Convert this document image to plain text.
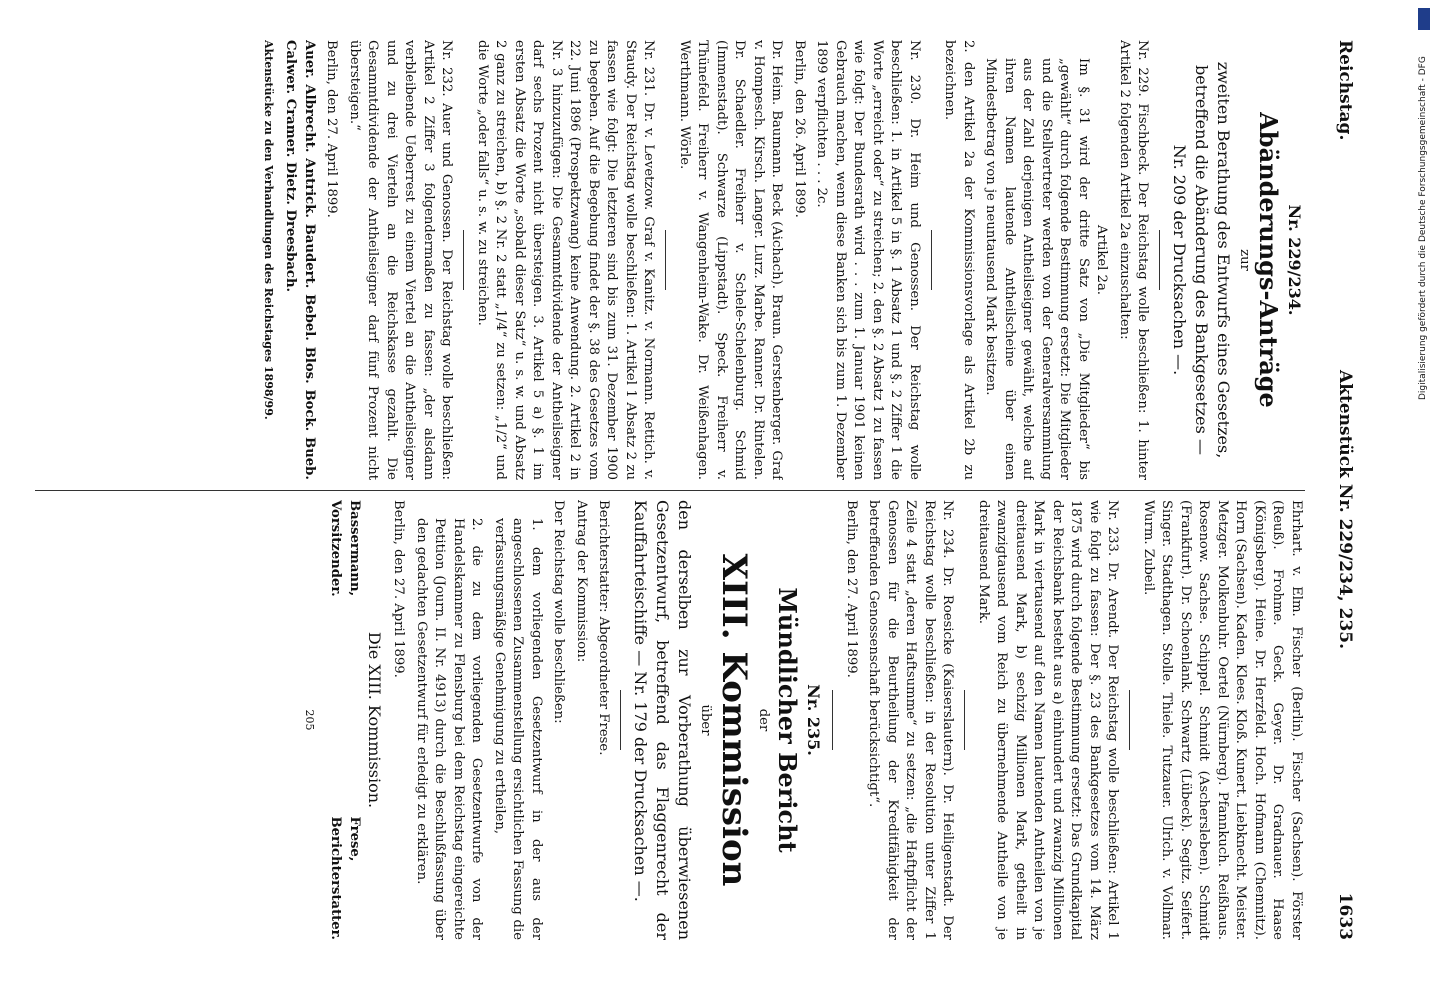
Reichstag.
Aktenstück Nr. 229/234, 235.
1633
Nr. 229/234.
Abänderungs-Anträge
zur
zweiten Berathung des Entwurfs eines Gesetzes,
betreffend die Abänderung des Bankgesetzes —
Nr. 209 der Drucksachen —.

Nr. 229. Fischbeck. Der Reichstag wolle beschließen: 1. hinter Artikel 2 folgenden Artikel 2a einzuschalten:

Artikel 2a.

Im §. 31 wird der dritte Satz von „Die Mitglieder“ bis „gewählt“ durch folgende Bestimmung ersetzt: Die Mitglieder und die Stellvertreter werden von der Generalversammlung aus der Zahl derjenigen Antheilseigner gewählt, welche auf ihren Namen lautende Antheilscheine über einen Mindestbetrag von je neuntausend Mark besitzen.

2. den Artikel 2a der Kommissionsvorlage als Artikel 2b zu bezeichnen.

Nr. 230. Dr. Heim und Genossen. Der Reichstag wolle beschließen: 1. in Artikel 5 in §. 1 Absatz 1 und §. 2 Ziffer 1 die Worte „erreicht oder“ zu streichen; 2. den §. 2 Absatz 1 zu fassen wie folgt: Der Bundesrath wird . . . zum 1. Januar 1901 keinen Gebrauch machen, wenn diese Banken sich bis zum 1. Dezember 1899 verpflichten . . . 2c.

Berlin, den 26. April 1899.

Dr. Heim. Baumann. Beck (Aichach). Braun. Gerstenberger. Graf v. Hompesch. Kirsch. Langer. Lurz. Marbe. Ranner. Dr. Rintelen. Dr. Schaedler. Freiherr v. Schele-Schelenburg. Schmid (Immenstadt). Schwarze (Lippstadt). Speck. Freiherr v. Thünefeld. Freiherr v. Wangenheim-Wake. Dr. Weißenhagen. Werthmann. Wörle.

Nr. 231. Dr. v. Levetzow. Graf v. Kanitz. v. Normann. Rettich. v. Staudy. Der Reichstag wolle beschließen: 1. Artikel 1 Absatz 2 zu fassen wie folgt: Die letzteren sind bis zum 31. Dezember 1900 zu begeben. Auf die Begebung findet der §. 38 des Gesetzes vom 22. Juni 1896 (Prospektzwang) keine Anwendung. 2. Artikel 2 in Nr. 3 hinzuzufügen: Die Gesammtdividende der Antheilseigner darf sechs Prozent nicht übersteigen. 3. Artikel 5 a) §. 1 im ersten Absatz die Worte „sobald dieser Satz“ u. s. w. und Absatz 2 ganz zu streichen, b) §. 2 Nr. 2 statt „1/4“ zu setzen: „1/2“ und die Worte „oder falls“ u. s. w. zu streichen.

Nr. 232. Auer und Genossen. Der Reichstag wolle beschließen: Artikel 2 Ziffer 3 folgendermaßen zu fassen: „der alsdann verbleibende Ueberrest zu einem Viertel an die Antheilseigner und zu drei Vierteln an die Reichskasse gezahlt. Die Gesammtdividende der Antheilseigner darf fünf Prozent nicht übersteigen.“

Berlin, den 27. April 1899.

Auer. Albrecht. Antrick. Baudert. Bebel. Blos. Bock. Bueb. Calwer. Cramer. Dietz. Dreesbach.

Aktenstücke zu den Verhandlungen des Reichstages 1898/99.

Ehrhart. v. Elm. Fischer (Berlin). Fischer (Sachsen). Förster (Reuß). Frohme. Geck. Geyer. Dr. Gradnauer. Haase (Königsberg). Heine. Dr. Herzfeld. Hoch. Hofmann (Chemnitz). Horn (Sachsen). Kaden. Klees. Kloß. Kunert. Liebknecht. Meister. Metzger. Molkenbuhr. Oertel (Nürnberg). Pfannkuch. Reißhaus. Rosenow. Sachse. Schippel. Schmidt (Aschersleben). Schmidt (Frankfurt). Dr. Schoenlank. Schwartz (Lübeck). Segitz. Seifert. Singer. Stadthagen. Stolle. Thiele. Tutzauer. Ulrich. v. Vollmar. Wurm. Zubeil.

Nr. 233. Dr. Arendt. Der Reichstag wolle beschließen: Artikel 1 wie folgt zu fassen: Der §. 23 des Bankgesetzes vom 14. März 1875 wird durch folgende Bestimmung ersetzt: Das Grundkapital der Reichsbank besteht aus a) einhundert und zwanzig Millionen Mark in viertausend auf den Namen lautenden Antheilen von je dreitausend Mark, b) sechzig Millionen Mark, getheilt in zwanzigtausend vom Reich zu übernehmende Antheile von je dreitausend Mark.

Nr. 234. Dr. Roesicke (Kaiserslautern). Dr. Heiligenstadt. Der Reichstag wolle beschließen: in der Resolution unter Ziffer 1 Zeile 4 statt „deren Haftsumme“ zu setzen: „die Haftpflicht der Genossen für die Beurtheilung der Kreditfähigkeit der betreffenden Genossenschaft berücksichtigt“.

Berlin, den 27. April 1899.

Nr. 235.
Mündlicher Bericht
der
XIII. Kommission
über

den derselben zur Vorberathung überwiesenen Gesetzentwurf, betreffend das Flaggenrecht der Kauffahrteischiffe — Nr. 179 der Drucksachen —.

Berichterstatter: Abgeordneter Frese.

Antrag der Kommission:

Der Reichstag wolle beschließen:

1. dem vorliegenden Gesetzentwurf in der aus der angeschlossenen Zusammenstellung ersichtlichen Fassung die verfassungsmäßige Genehmigung zu ertheilen,

2. die zu dem vorliegenden Gesetzentwurfe von der Handelskammer zu Flensburg bei dem Reichstag eingereichte Petition (Journ. II. Nr. 4913) durch die Beschlußfassung über den gedachten Gesetzentwurf für erledigt zu erklären.

Berlin, den 27. April 1899.

Die XIII. Kommission.
Bassermann,
Vorsitzender.
Frese,
Berichterstatter.
205
Digitalisierung gefördert durch die Deutsche Forschungsgemeinschaft - DFG
